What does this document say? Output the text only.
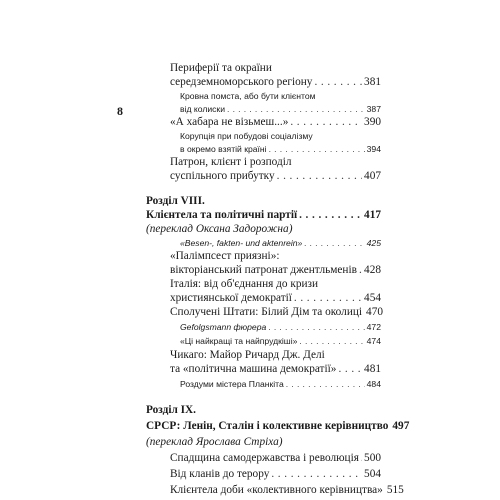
8
Периферії та окраїни
середземноморського регіону . . .	381
Кровна помста, або бути клієнтом
від колиски . . .	387
«А хабара не візьмеш...» . . .	390
Корупція при побудові соціалізму
в окремо взятій країні . . .	394
Патрон, клієнт і розподіл
суспільного прибутку . . .	407
Розділ VIII.
Клієнтела та політичні партії . . .	417
(переклад Оксана Задорожна)
«Besen-, fakten- und aktenrein» . . .	425
«Палімпсест приязні»:
вікторіанський патронат джентльменів . . . 428
Італія: від об'єднання до кризи
християнської демократії . . .	454
Сполучені Штати: Білий Дім та околиці 470
Gefolgsmann фюрера . . .	472
«Ці найкращі та найпрудкіші» . . .	474
Чикаго: Майор Ричард Дж. Делі
та «політична машина демократії» . . . 481
Роздуми містера Планкіта . . .	484
Розділ IX.
СРСР: Ленін, Сталін і колективне керівництво 497
(переклад Ярослава Стріха)
Спадщина самодержавства і революція . . . 500
Від кланів до терору . . .	504
Клієнтела доби «колективного керівництва» 515
